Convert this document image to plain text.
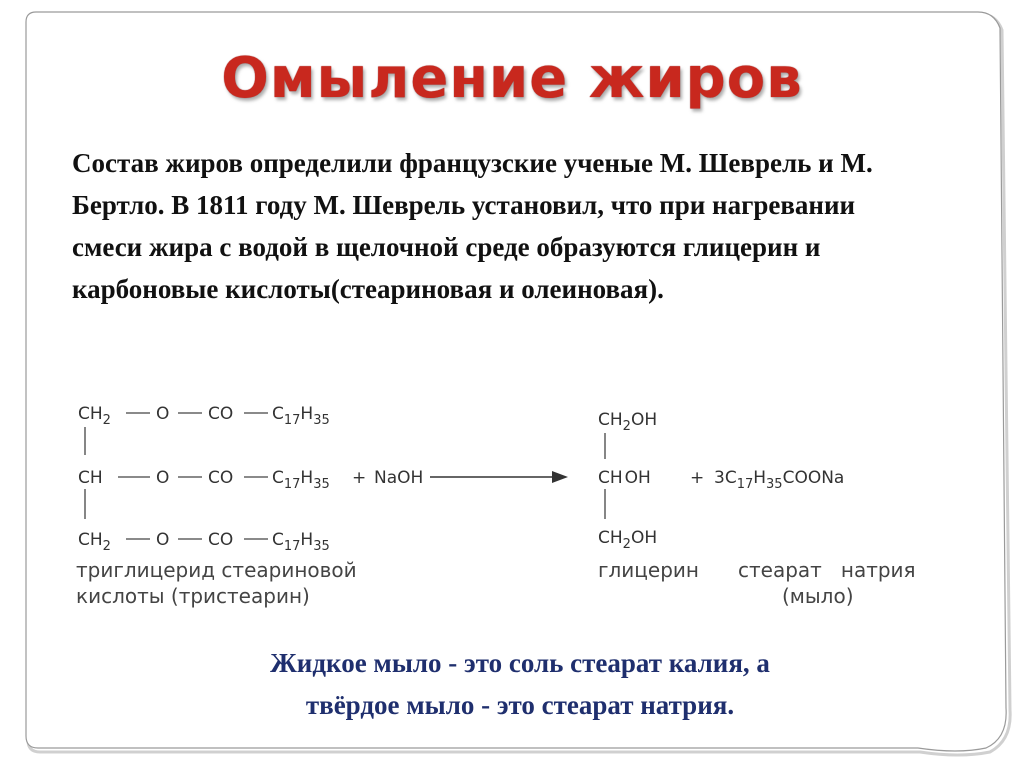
Омыление жиров

Состав жиров определили французские ученые М. Шеврель и М. Бертло. В 1811 году М. Шеврель установил, что при нагревании смеси жира с водой в щелочной среде образуются глицерин и карбоновые кислоты(стеариновая и олеиновая).

$CH_2$	O CO $C_{17}H_{35}$
CH	O CO $C_{17}H_{35}$
$CH_2$	O CO $C_{17}H_{35}$
триглицерид стеариновой
кислоты (тристеарин)
+ NaOH
$CH_2OH$
CH OH
$CH_2OH$
глицерин
+ $3C_{17}H_{35}COONa$
стеарат   натрия
(мыло)

Жидкое мыло - это соль стеарат калия, а
твёрдое мыло - это стеарат натрия.
